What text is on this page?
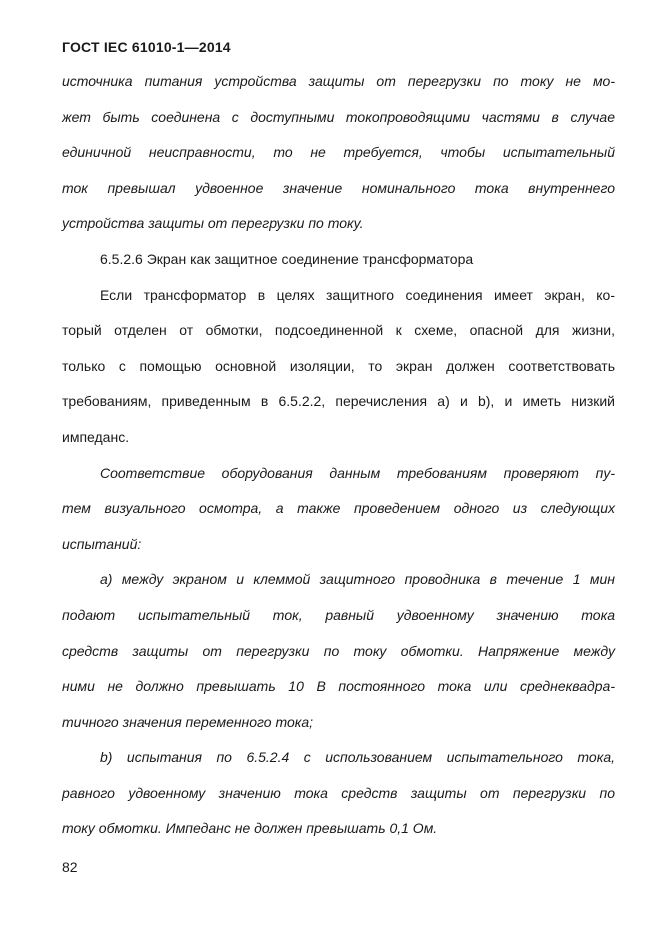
ГОСТ IEC 61010-1—2014
источника питания устройства защиты от перегрузки по току не мо-
жет быть соединена с доступными токопроводящими частями в случае
единичной неисправности, то не требуется, чтобы испытательный
ток превышал удвоенное значение номинального тока внутреннего
устройства защиты от перегрузки по току.
6.5.2.6 Экран как защитное соединение трансформатора
Если трансформатор в целях защитного соединения имеет экран, ко-
торый отделен от обмотки, подсоединенной к схеме, опасной для жизни,
только с помощью основной изоляции, то экран должен соответствовать
требованиям, приведенным в 6.5.2.2, перечисления a) и b), и иметь низкий
импеданс.
Соответствие оборудования данным требованиям проверяют пу-
тем визуального осмотра, а также проведением одного из следующих
испытаний:
a) между экраном и клеммой защитного проводника в течение 1 мин
подают испытательный ток, равный удвоенному значению тока
средств защиты от перегрузки по току обмотки. Напряжение между
ними не должно превышать 10 В постоянного тока или среднеквадра-
тичного значения переменного тока;
b) испытания по 6.5.2.4 с использованием испытательного тока,
равного удвоенному значению тока средств защиты от перегрузки по
току обмотки. Импеданс не должен превышать 0,1 Ом.
82
